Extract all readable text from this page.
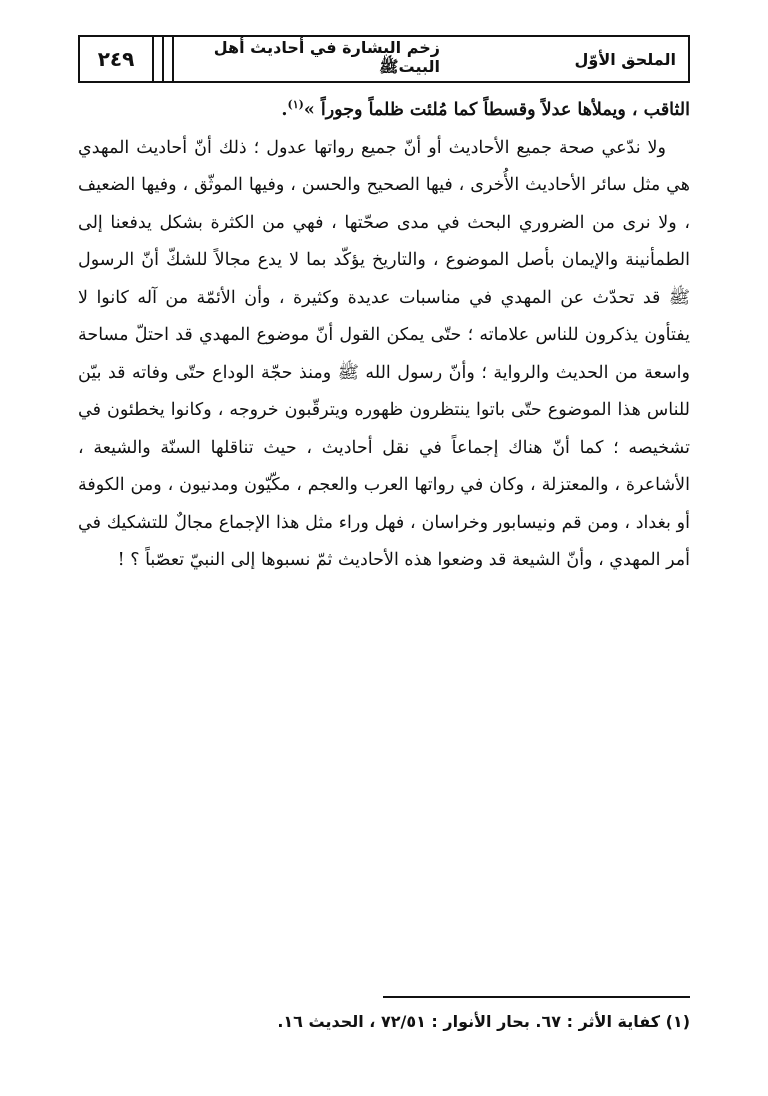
٢٤٩	زخم البشارة في أحاديث أهل البيتﷺ	الملحق الأوّل

الثاقب ، ويملأها عدلاً وقسطاً كما مُلئت ظلماً وجوراً »$^{(١)}$.

ولا ندّعي صحة جميع الأحاديث أو أنّ جميع رواتها عدول ؛ ذلك أنّ أحاديث المهدي هي مثل سائر الأحاديث الأُخرى ، فيها الصحيح والحسن ، وفيها الموثّق ، وفيها الضعيف ، ولا نرى من الضروري البحث في مدى صحّتها ، فهي من الكثرة بشكل يدفعنا إلى الطمأنينة والإيمان بأصل الموضوع ، والتاريخ يؤكّد بما لا يدع مجالاً للشكّ أنّ الرسول ﷺ قد تحدّث عن المهدي في مناسبات عديدة وكثيرة ، وأن الأئمّة من آله كانوا لا يفتأون يذكرون للناس علاماته ؛ حتّى يمكن القول أنّ موضوع المهدي قد احتلّ مساحة واسعة من الحديث والرواية ؛ وأنّ رسول الله ﷺ ومنذ حجّة الوداع حتّى وفاته قد بيّن للناس هذا الموضوع حتّى باتوا ينتظرون ظهوره ويترقّبون خروجه ، وكانوا يخطئون في تشخيصه ؛ كما أنّ هناك إجماعاً في نقل أحاديث ، حيث تناقلها السنّة والشيعة ، الأشاعرة ، والمعتزلة ، وكان في رواتها العرب والعجم ، مكّيّون ومدنيون ، ومن الكوفة أو بغداد ، ومن قم ونيسابور وخراسان ، فهل وراء مثل هذا الإجماع مجالٌ للتشكيك في أمر المهدي ، وأنّ الشيعة قد وضعوا هذه الأحاديث ثمّ نسبوها إلى النبيّ تعصّباً ؟ !

(١) كفاية الأثر : ٦٧. بحار الأنوار : ٧٢/٥١ ، الحديث ١٦.
